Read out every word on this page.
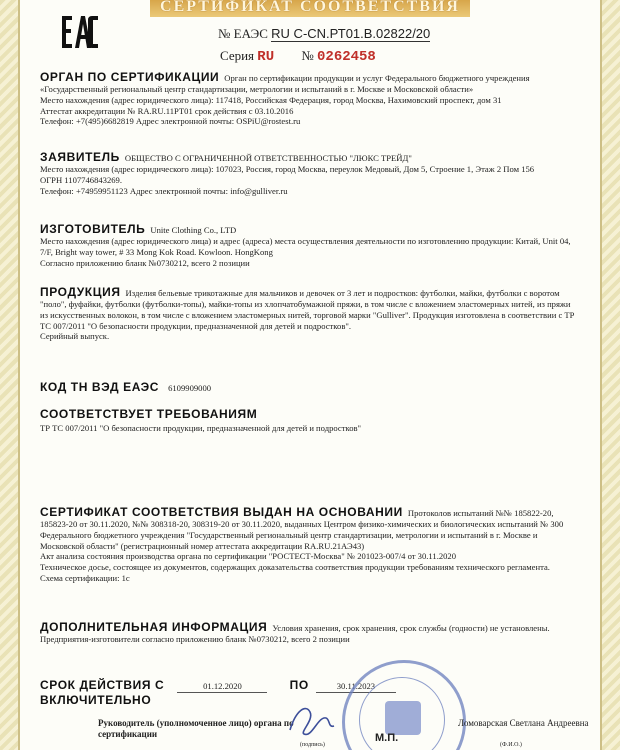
СЕРТИФИКАТ СООТВЕТСТВИЯ
№ ЕАЭС RU С-CN.РТ01.В.02822/20
Серия RU № 0262458

ОРГАН ПО СЕРТИФИКАЦИИ Орган по сертификации продукции и услуг Федерального бюджетного учреждения

«Государственный региональный центр стандартизации, метрологии и испытаний в г. Москве и Московской области»

Место нахождения (адрес юридического лица): 117418, Российская Федерация, город Москва, Нахимовский проспект, дом 31

Аттестат аккредитации № RA.RU.11РТ01 срок действия с 03.10.2016

Телефон: +7(495)6682819 Адрес электронной почты: OSPiU@rostest.ru

ЗАЯВИТЕЛЬ ОБЩЕСТВО С ОГРАНИЧЕННОЙ ОТВЕТСТВЕННОСТЬЮ "ЛЮКС ТРЕЙД"

Место нахождения (адрес юридического лица): 107023, Россия, город Москва, переулок Медовый, Дом 5, Строение 1, Этаж 2 Пом 156

ОГРН 1107746843269.

Телефон: +74959951123 Адрес электронной почты: info@gulliver.ru

ИЗГОТОВИТЕЛЬ Unite Clothing Co., LTD

Место нахождения (адрес юридического лица) и адрес (адреса) места осуществления деятельности по изготовлению продукции: Китай, Unit 04, 7/F, Bright way tower, # 33 Mong Kok Road. Kowloon. HongKong

Согласно приложению бланк №0730212, всего 2 позиции

ПРОДУКЦИЯ Изделия бельевые трикотажные для мальчиков и девочек от 3 лет и подростков: футболки, майки, футболки с воротом "поло", фуфайки, футболки (футболки-топы), майки-топы из хлопчатобумажной пряжи, в том числе с вложением эластомерных нитей, из пряжи из искусственных волокон, в том числе с вложением эластомерных нитей, торговой марки "Gulliver". Продукция изготовлена в соответствии с ТР ТС 007/2011 "О безопасности продукции, предназначенной для детей и подростков".

Серийный выпуск.

КОД ТН ВЭД ЕАЭС 6109909000

СООТВЕТСТВУЕТ ТРЕБОВАНИЯМ

ТР ТС 007/2011 "О безопасности продукции, предназначенной для детей и подростков"

СЕРТИФИКАТ СООТВЕТСТВИЯ ВЫДАН НА ОСНОВАНИИ Протоколов испытаний №№ 185822-20, 185823-20 от 30.11.2020, №№ 308318-20, 308319-20 от 30.11.2020, выданных Центром физико-химических и биологических испытаний № 300 Федерального бюджетного учреждения "Государственный региональный центр стандартизации, метрологии и испытаний в г. Москве и Московской области" (регистрационный номер аттестата аккредитации RA.RU.21АЭ43)

Акт анализа состояния производства органа по сертификации "РОСТЕСТ-Москва" № 201023-007/4 от 30.11.2020

Техническое досье, состоящее из документов, содержащих доказательства соответствия продукции требованиям технического регламента.

Схема сертификации: 1с

ДОПОЛНИТЕЛЬНАЯ ИНФОРМАЦИЯ Условия хранения, срок хранения, срок службы (годности) не установлены.

Предприятия-изготовители согласно приложению бланк №0730212, всего 2 позиции

СРОК ДЕЙСТВИЯ С	01.12.2020	ПО	30.11.2023

ВКЛЮЧИТЕЛЬНО

Руководитель (уполномоченное лицо) органа по сертификации	М.П.
Ломоварская Светлана Андреевна
(подпись)	(Ф.И.О.)
